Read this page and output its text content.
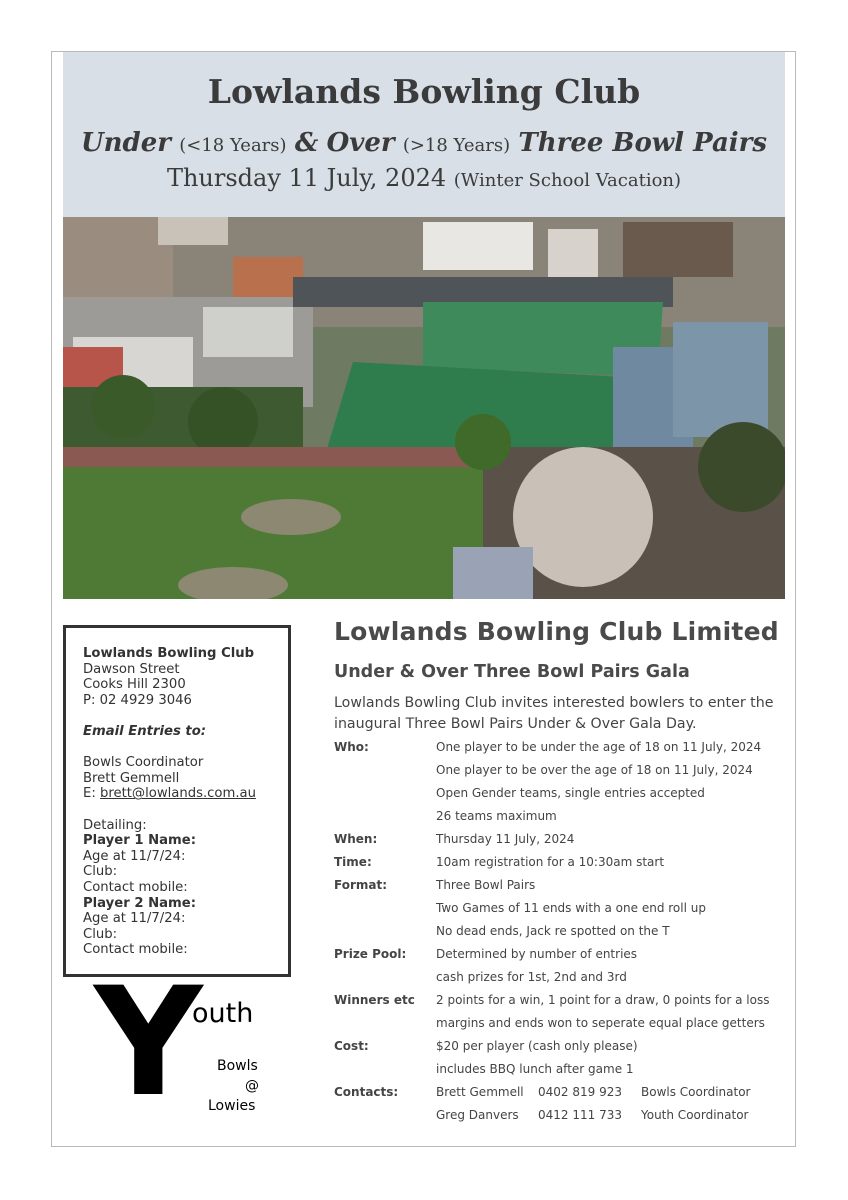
Lowlands Bowling Club
Under (<18 Years) & Over (>18 Years) Three Bowl Pairs
Thursday 11 July, 2024 (Winter School Vacation)
Lowlands Bowling Club
Dawson Street
Cooks Hill 2300
P: 02 4929 3046
Email Entries to:
Bowls Coordinator
Brett Gemmell
E: brett@lowlands.com.au
Detailing:
Player 1 Name:
Age at 11/7/24:
Club:
Contact mobile:
Player 2 Name:
Age at 11/7/24:
Club:
Contact mobile:
Y
outh
Bowls
@
Lowies
Lowlands Bowling Club Limited
Under & Over Three Bowl Pairs Gala
Lowlands Bowling Club invites interested bowlers to enter the inaugural Three Bowl Pairs Under & Over Gala Day.
Who:	One player to be under the age of 18 on 11 July, 2024
One player to be over the age of 18 on 11 July, 2024
Open Gender teams, single entries accepted
26 teams maximum
When:	Thursday 11 July, 2024
Time:	10am registration for a 10:30am start
Format:	Three Bowl Pairs
Two Games of 11 ends with a one end roll up
No dead ends, Jack re spotted on the T
Prize Pool: Determined by number of entries
cash prizes for 1st, 2nd and 3rd
Winners etc 2 points for a win, 1 point for a draw, 0 points for a loss
margins and ends won to seperate equal place getters
Cost:	$20 per player (cash only please)
includes BBQ lunch after game 1
Contacts:	Brett Gemmell 0402 819 923 Bowls Coordinator
Greg Danvers 0412 111 733 Youth Coordinator
